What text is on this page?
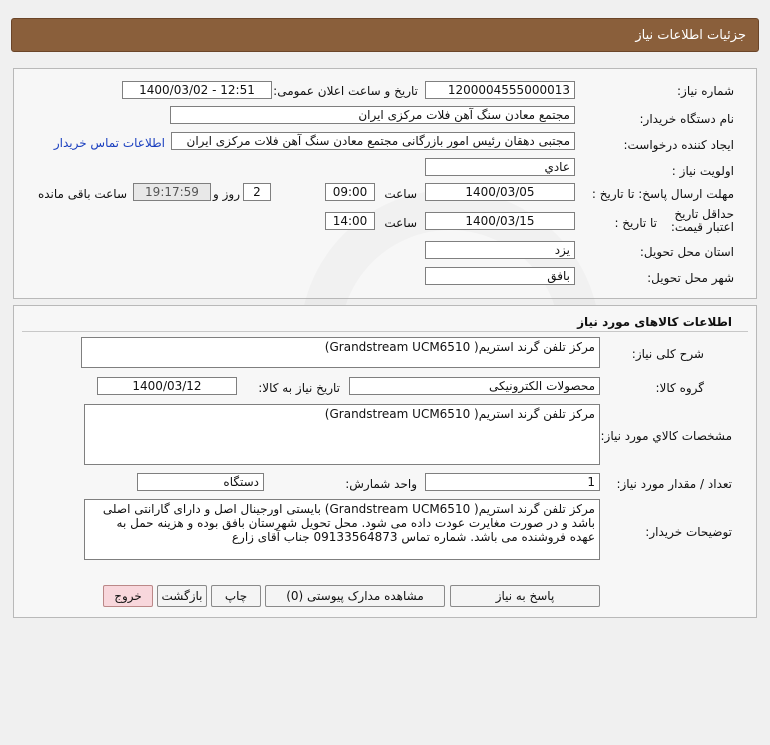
جزئیات اطلاعات نیاز
شماره نیاز:
1200004555000013
تاریخ و ساعت اعلان عمومی:
1400/03/02 - 12:51
نام دستگاه خریدار:
مجتمع معادن سنگ آهن فلات مرکزی ایران
ایجاد کننده درخواست:
مجتبی دهقان رئیس امور بازرگانی مجتمع معادن سنگ آهن فلات مرکزی ایران
اطلاعات تماس خریدار
اولویت نیاز :
عادي
مهلت ارسال پاسخ: تا تاریخ :
1400/03/05
ساعت
09:00
2
روز و
19:17:59
ساعت باقی مانده
حداقل تاریخ اعتبار قیمت:
تا تاریخ :
1400/03/15
ساعت
14:00
استان محل تحویل:
یزد
شهر محل تحویل:
بافق
اطلاعات کالاهای مورد نیاز
شرح کلی نیاز:
مرکز تلفن گرند استریم( Grandstream UCM6510)
گروه کالا:
محصولات الکترونیکی
تاریخ نیاز به کالا:
1400/03/12
مشخصات کالاي مورد نیاز:
مرکز تلفن گرند استریم( Grandstream UCM6510)
تعداد / مقدار مورد نیاز:
1
واحد شمارش:
دستگاه
توضیحات خریدار:
مرکز تلفن گرند استریم( Grandstream UCM6510) بایستی اورجینال اصل و دارای گارانتی اصلی باشد و در صورت مغایرت عودت داده می شود. محل تحویل شهرستان بافق بوده و هزینه حمل به عهده فروشنده می باشد. شماره تماس 09133564873 جناب آقای زارع
پاسخ به نیاز
مشاهده مدارک پیوستی (0)
چاپ
بازگشت
خروج
